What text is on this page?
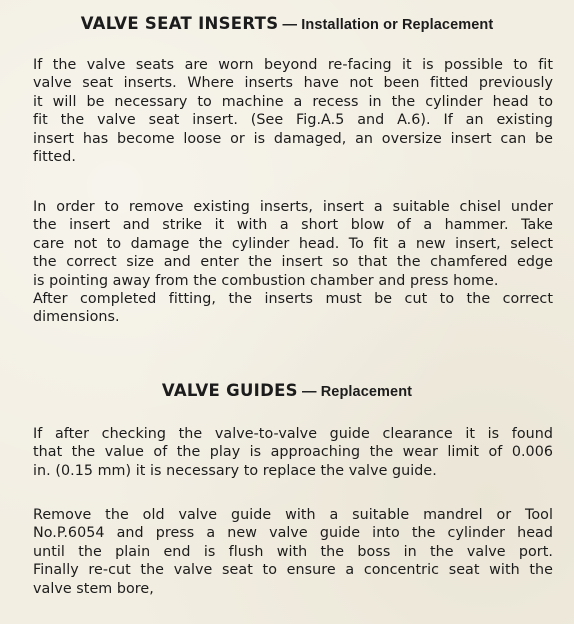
VALVE SEAT INSERTS — Installation or Replacement

If the valve seats are worn beyond re-facing it is possible to fit
valve seat inserts. Where inserts have not been fitted previously
it will be necessary to machine a recess in the cylinder head to
fit the valve seat insert. (See Fig.A.5 and A.6). If an existing
insert has become loose or is damaged, an oversize insert can be
fitted.

In order to remove existing inserts, insert a suitable chisel under
the insert and strike it with a short blow of a hammer. Take
care not to damage the cylinder head. To fit a new insert, select
the correct size and enter the insert so that the chamfered edge
is pointing away from the combustion chamber and press home.
After completed fitting, the inserts must be cut to the correct
dimensions.

VALVE GUIDES — Replacement

If after checking the valve-to-valve guide clearance it is found
that the value of the play is approaching the wear limit of 0.006
in. (0.15 mm) it is necessary to replace the valve guide.

Remove the old valve guide with a suitable mandrel or Tool
No.P.6054 and press a new valve guide into the cylinder head
until the plain end is flush with the boss in the valve port.
Finally re-cut the valve seat to ensure a concentric seat with the
valve stem bore,
